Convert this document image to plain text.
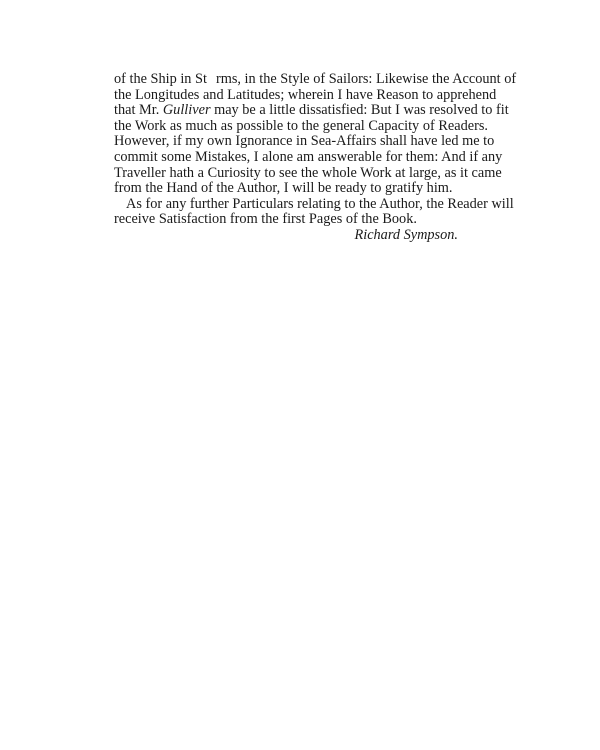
of the Ship in St rms, in the Style of Sailors: Likewise the Account of
the Longitudes and Latitudes; wherein I have Reason to apprehend
that Mr. Gulliver may be a little dissatisfied: But I was resolved to fit
the Work as much as possible to the general Capacity of Readers.
However, if my own Ignorance in Sea-Affairs shall have led me to
commit some Mistakes, I alone am answerable for them: And if any
Traveller hath a Curiosity to see the whole Work at large, as it came
from the Hand of the Author, I will be ready to gratify him.
As for any further Particulars relating to the Author, the Reader will
receive Satisfaction from the first Pages of the Book.
Richard Sympson.
